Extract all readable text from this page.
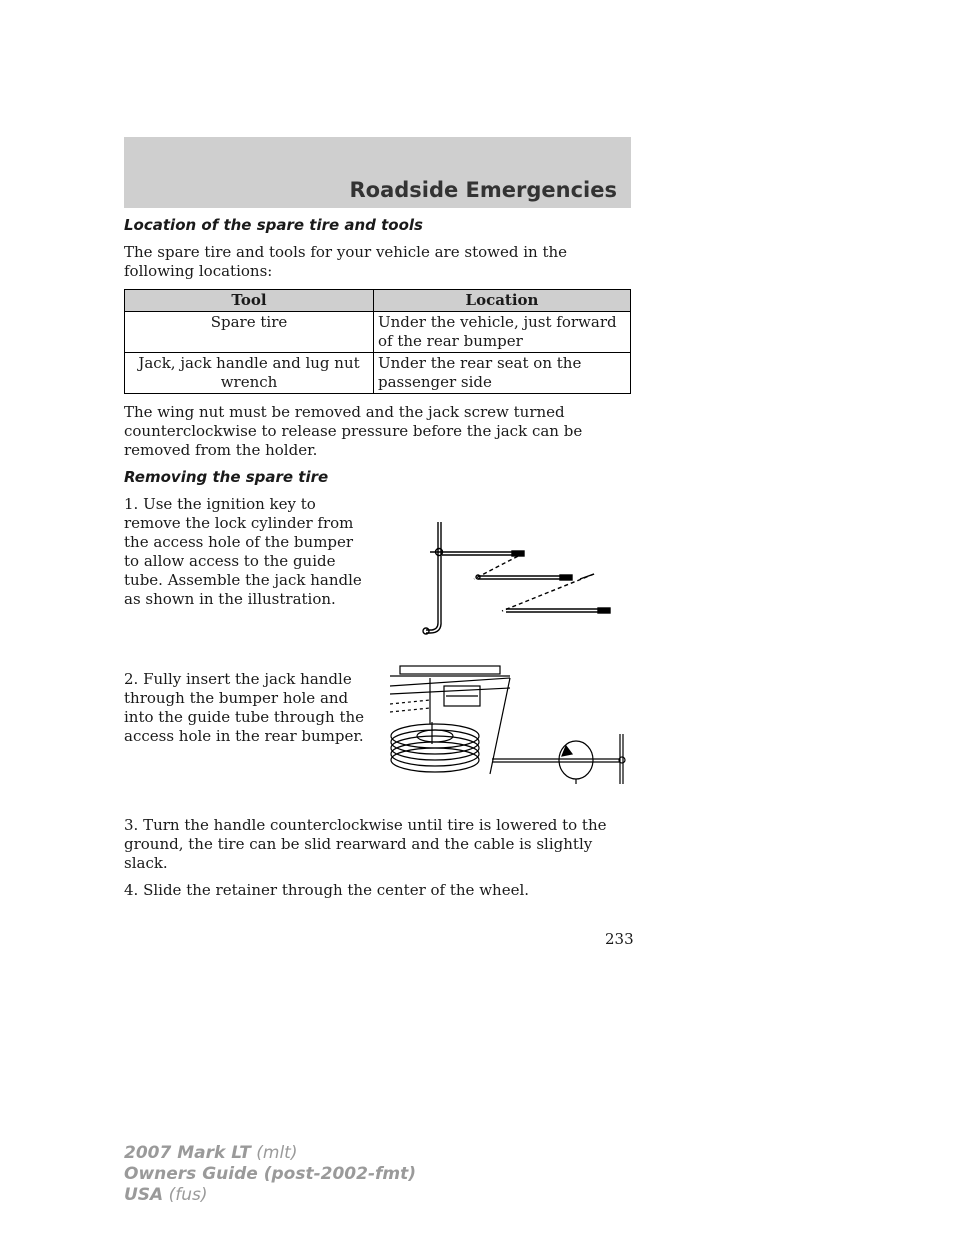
Roadside Emergencies
Location of the spare tire and tools

The spare tire and tools for your vehicle are stowed in the following locations:

Tool	Location
Spare tire	Under the vehicle, just forward of the rear bumper
Jack, jack handle and lug nut wrench	Under the rear seat on the passenger side

The wing nut must be removed and the jack screw turned counterclockwise to release pressure before the jack can be removed from the holder.

Removing the spare tire
1. Use the ignition key to remove the lock cylinder from the access hole of the bumper to allow access to the guide tube. Assemble the jack handle as shown in the illustration.
2. Fully insert the jack handle through the bumper hole and into the guide tube through the access hole in the rear bumper.

3. Turn the handle counterclockwise until tire is lowered to the ground, the tire can be slid rearward and the cable is slightly slack.

4. Slide the retainer through the center of the wheel.

233
2007 Mark LT (mlt)
Owners Guide (post-2002-fmt)
USA (fus)
